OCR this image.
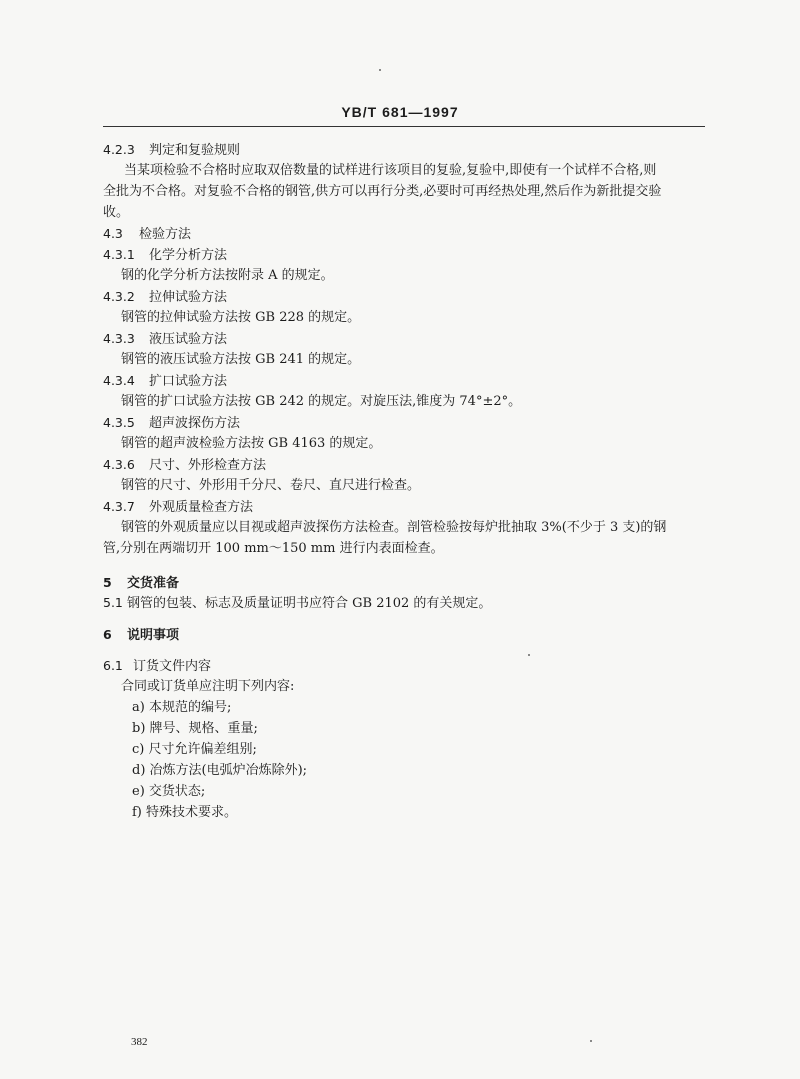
YB/T 681—1997
4.2.3 判定和复验规则
当某项检验不合格时应取双倍数量的试样进行该项目的复验,复验中,即使有一个试样不合格,则
全批为不合格。对复验不合格的钢管,供方可以再行分类,必要时可再经热处理,然后作为新批提交验
收。
4.3 检验方法
4.3.1 化学分析方法
钢的化学分析方法按附录 A 的规定。
4.3.2 拉伸试验方法
钢管的拉伸试验方法按 GB 228 的规定。
4.3.3 液压试验方法
钢管的液压试验方法按 GB 241 的规定。
4.3.4 扩口试验方法
钢管的扩口试验方法按 GB 242 的规定。对旋压法,锥度为 74°±2°。
4.3.5 超声波探伤方法
钢管的超声波检验方法按 GB 4163 的规定。
4.3.6 尺寸、外形检查方法
钢管的尺寸、外形用千分尺、卷尺、直尺进行检查。
4.3.7 外观质量检查方法
钢管的外观质量应以目视或超声波探伤方法检查。剖管检验按每炉批抽取 3%(不少于 3 支)的钢
管,分别在两端切开 100 mm～150 mm 进行内表面检查。
5 交货准备
5.1 钢管的包装、标志及质量证明书应符合 GB 2102 的有关规定。
6 说明事项
6.1 订货文件内容
合同或订货单应注明下列内容:
a) 本规范的编号;
b) 牌号、规格、重量;
c) 尺寸允许偏差组别;
d) 冶炼方法(电弧炉冶炼除外);
e) 交货状态;
f) 特殊技术要求。
382
